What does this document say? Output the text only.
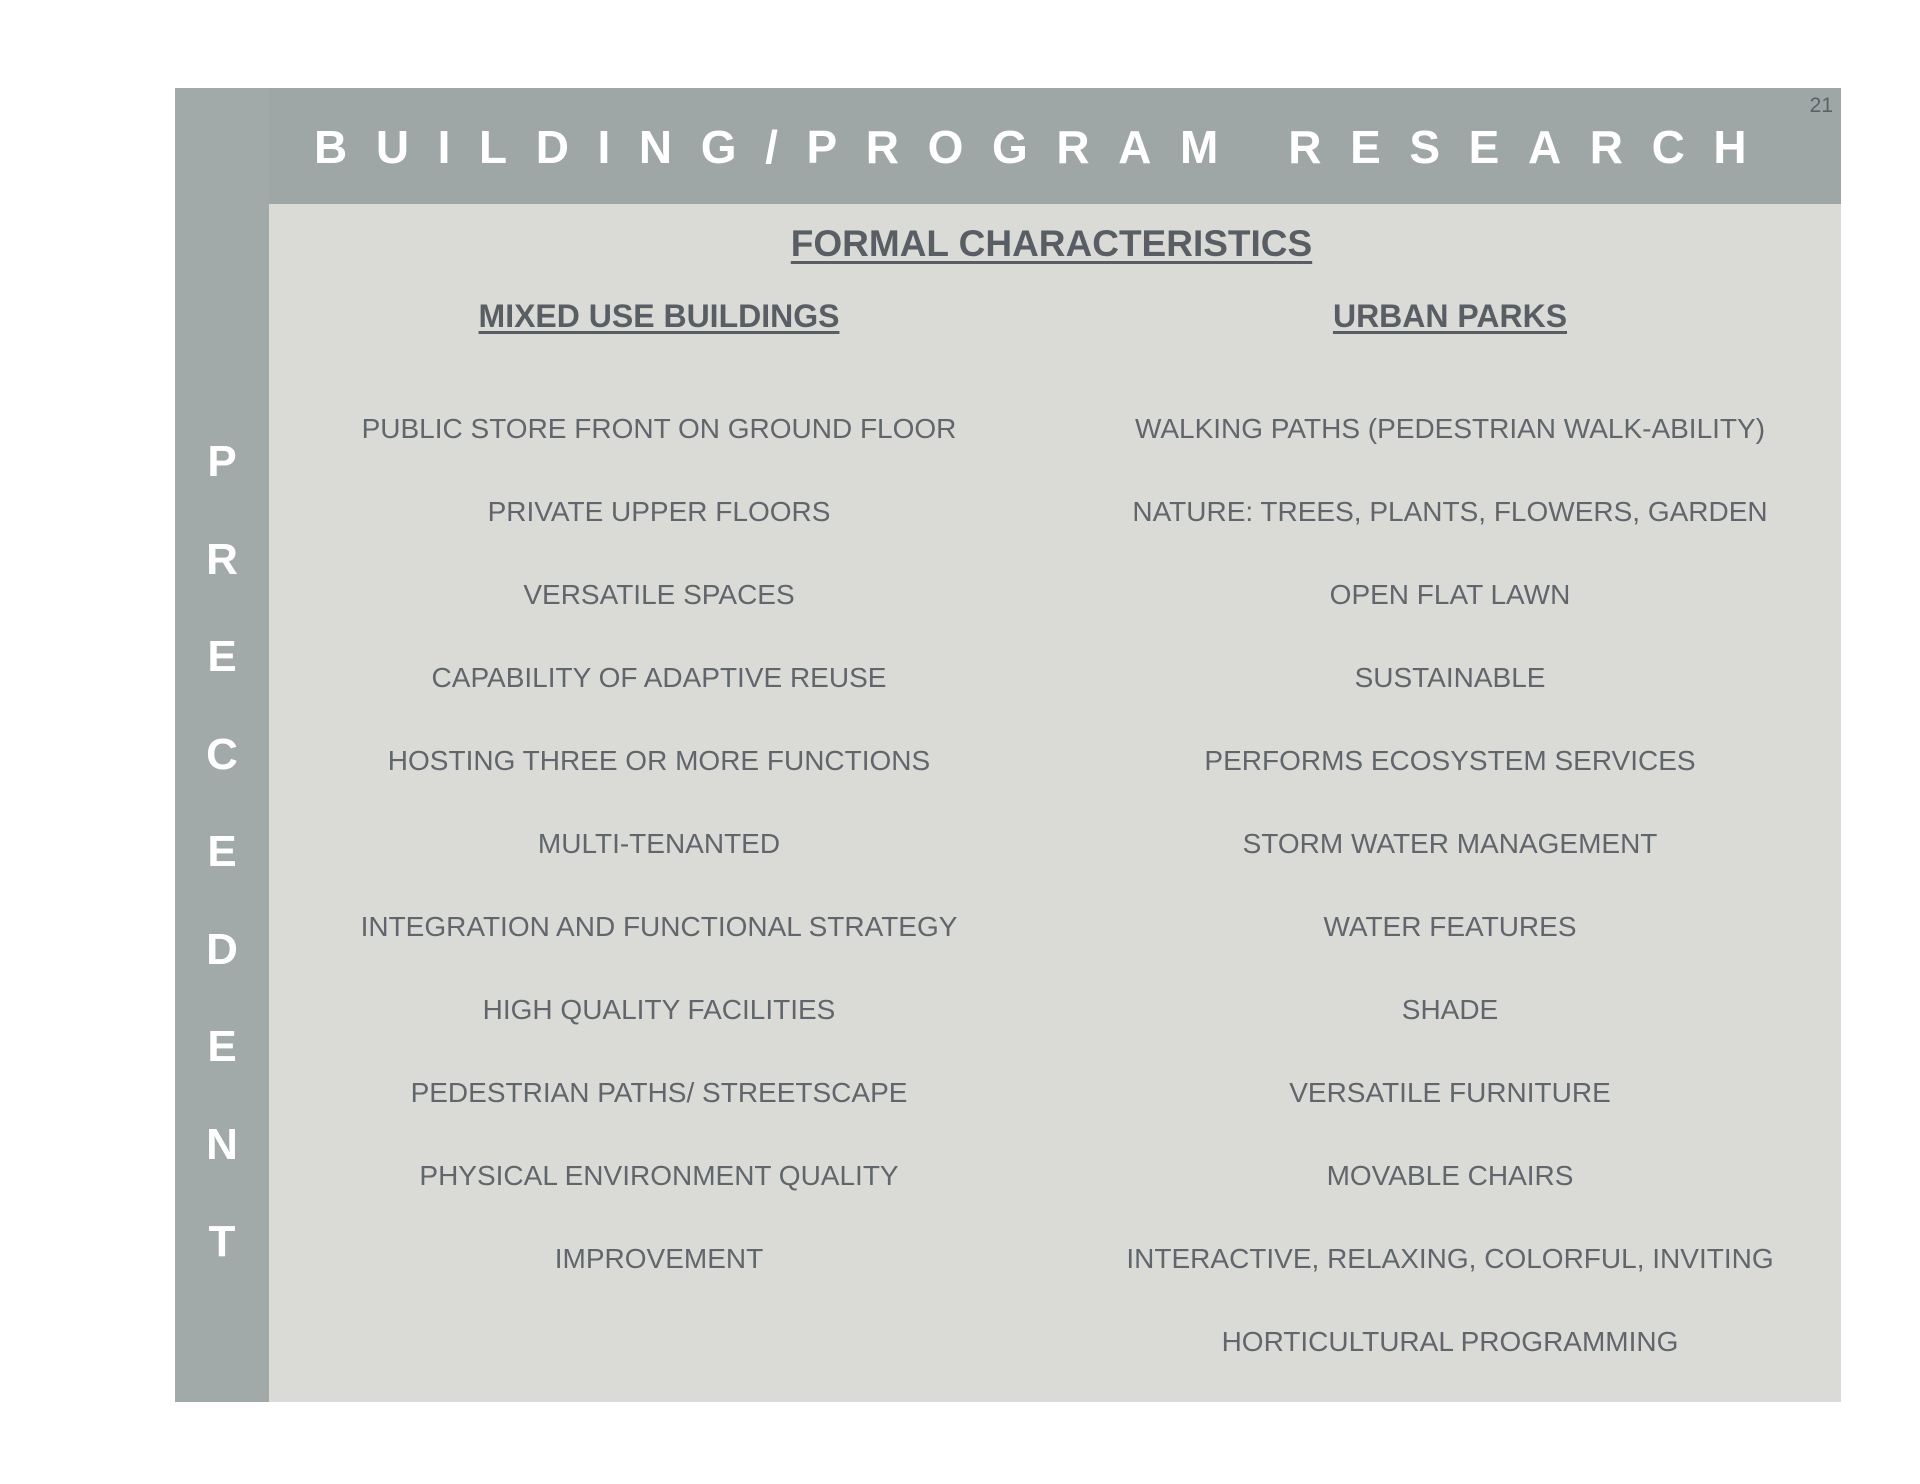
P
R
E
C
E
D
E
N
T
BUILDING/PROGRAM RESEARCH
21
FORMAL CHARACTERISTICS
MIXED USE BUILDINGS
PUBLIC STORE FRONT ON GROUND FLOOR
PRIVATE UPPER FLOORS
VERSATILE SPACES
CAPABILITY OF ADAPTIVE REUSE
HOSTING THREE OR MORE FUNCTIONS
MULTI-TENANTED
INTEGRATION AND FUNCTIONAL STRATEGY
HIGH QUALITY FACILITIES
PEDESTRIAN PATHS/ STREETSCAPE
PHYSICAL ENVIRONMENT QUALITY
IMPROVEMENT
URBAN PARKS
WALKING PATHS (PEDESTRIAN WALK-ABILITY)
NATURE: TREES, PLANTS, FLOWERS, GARDEN
OPEN FLAT LAWN
SUSTAINABLE
PERFORMS ECOSYSTEM SERVICES
STORM WATER MANAGEMENT
WATER FEATURES
SHADE
VERSATILE FURNITURE
MOVABLE CHAIRS
INTERACTIVE, RELAXING, COLORFUL, INVITING
HORTICULTURAL PROGRAMMING
